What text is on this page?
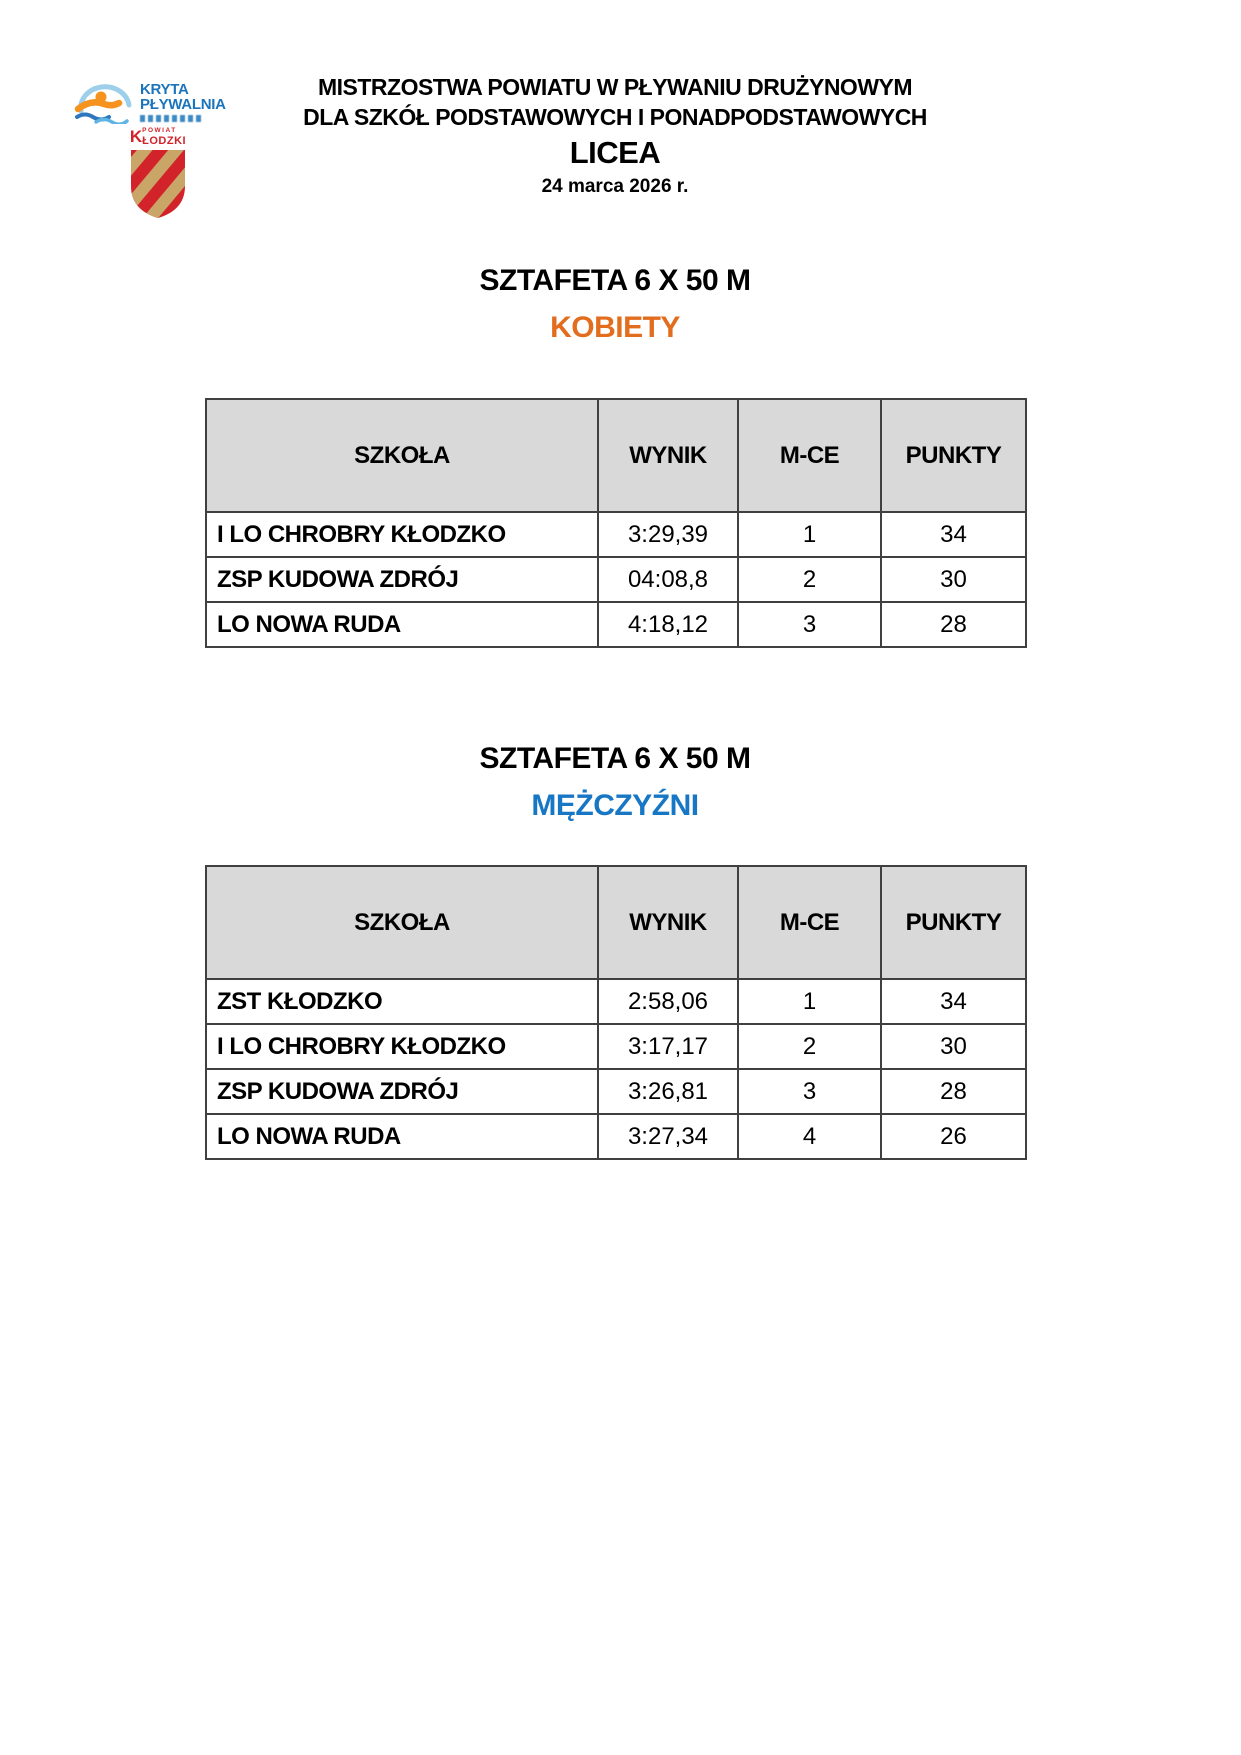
KRYTA
PŁYWALNIA
K POWIAT
ŁODZKI
MISTRZOSTWA POWIATU W PŁYWANIU DRUŻYNOWYM
DLA SZKÓŁ PODSTAWOWYCH I PONADPODSTAWOWYCH
LICEA
24 marca 2026 r.
SZTAFETA 6 X 50 M
KOBIETY
SZKOŁA	WYNIK	M-CE	PUNKTY
I LO CHROBRY KŁODZKO	3:29,39	1	34
ZSP KUDOWA ZDRÓJ	04:08,8	2	30
LO NOWA RUDA	4:18,12	3	28
SZTAFETA 6 X 50 M
MĘŻCZYŹNI
SZKOŁA	WYNIK	M-CE	PUNKTY
ZST KŁODZKO	2:58,06	1	34
I LO CHROBRY KŁODZKO	3:17,17	2	30
ZSP KUDOWA ZDRÓJ	3:26,81	3	28
LO NOWA RUDA	3:27,34	4	26
